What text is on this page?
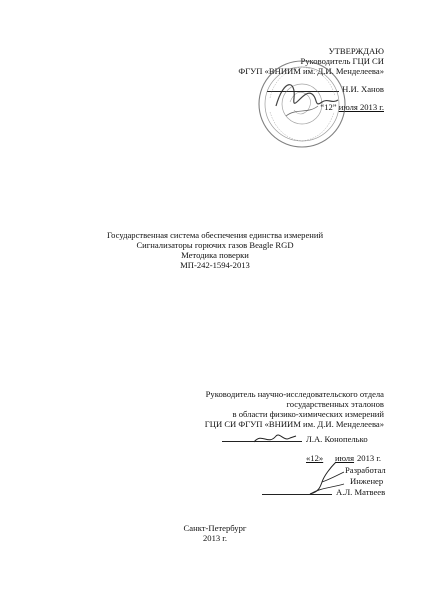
УТВЕРЖДАЮ
Руководитель ГЦИ СИ
ФГУП «ВНИИМ им. Д.И. Менделеева»
Н.И. Ханов
“12” июля 2013 г.
Государственная система обеспечения единства измерений
Сигнализаторы горючих газов Beagle RGD
Методика поверки
МП-242-1594-2013
Руководитель научно-исследовательского отдела
государственных эталонов
в области физико-химических измерений
ГЦИ СИ ФГУП «ВНИИМ им. Д.И. Менделеева»
Л.А. Конопелько
«12» июля 2013 г.
Разработал
Инженер
А.Л. Матвеев
Санкт-Петербург
2013 г.
